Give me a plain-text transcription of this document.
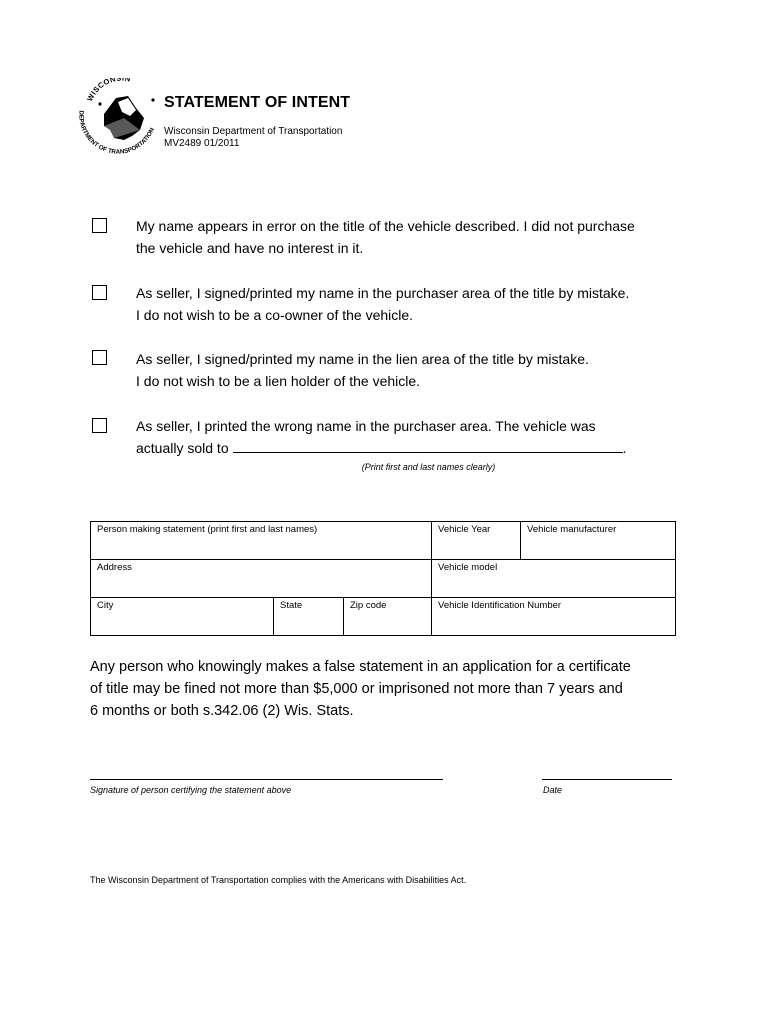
WISCONSIN
DEPARTMENT OF TRANSPORTATION
STATEMENT OF INTENT
Wisconsin Department of Transportation
MV2489 01/2011
My name appears in error on the title of the vehicle described. I did not purchase
the vehicle and have no interest in it.
As seller, I signed/printed my name in the purchaser area of the title by mistake.
I do not wish to be a co-owner of the vehicle.
As seller, I signed/printed my name in the lien area of the title by mistake.
I do not wish to be a lien holder of the vehicle.
As seller, I printed the wrong name in the purchaser area. The vehicle was
actually sold to	.
(Print first and last names clearly)
Person making statement (print first and last names)			Vehicle Year	Vehicle manufacturer
Address			Vehicle model	
City	State	Zip code	Vehicle Identification Number	
Any person who knowingly makes a false statement in an application for a certificate
of title may be fined not more than $5,000 or imprisoned not more than 7 years and
6 months or both s.342.06 (2) Wis. Stats.
Signature of person certifying the statement above	Date
The Wisconsin Department of Transportation complies with the Americans with Disabilities Act.
